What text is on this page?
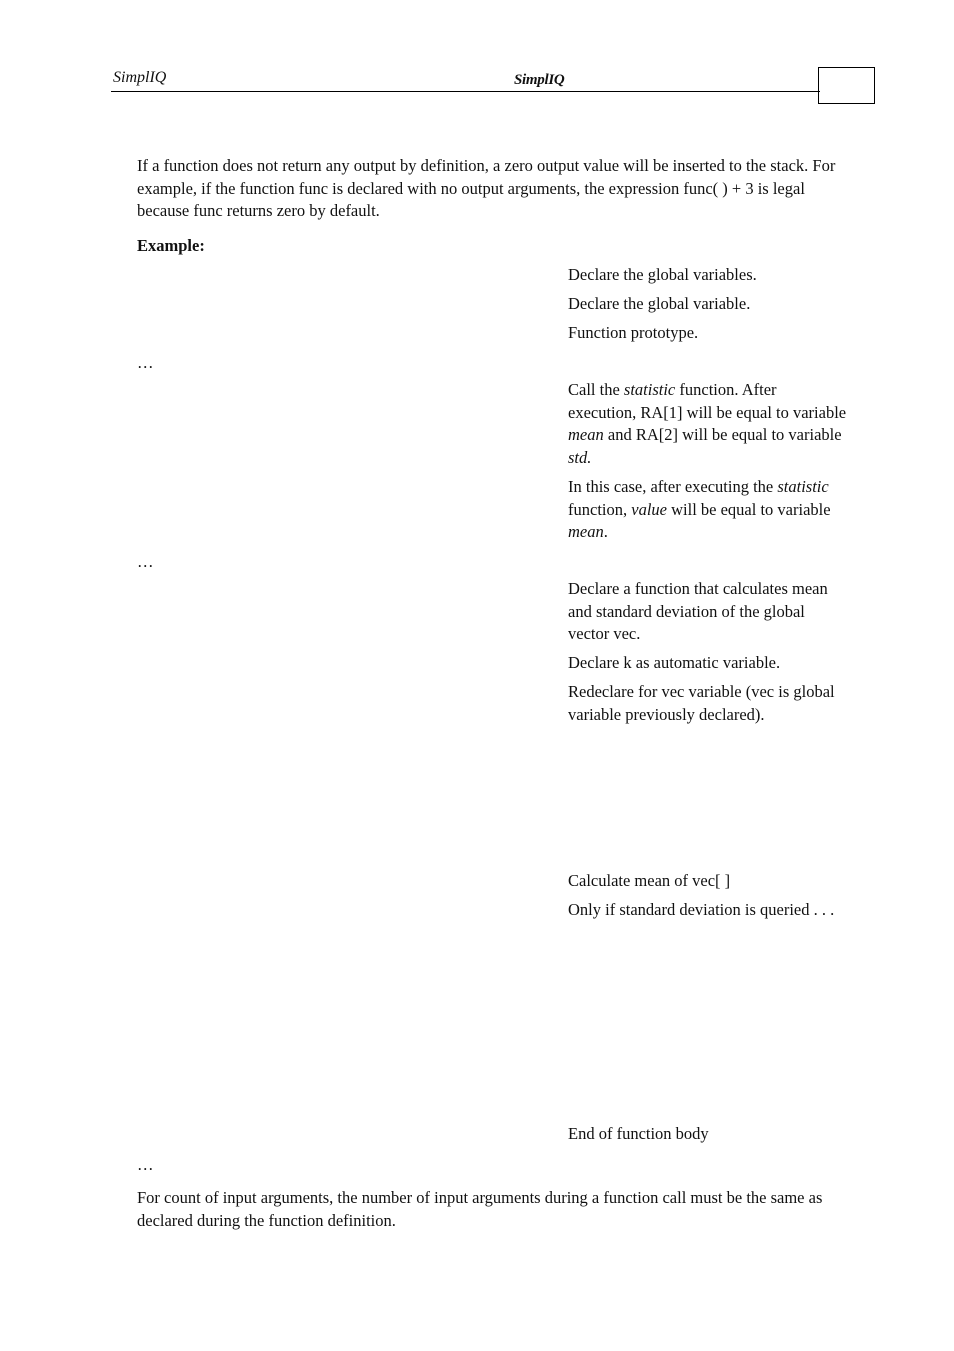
SimplIQ	SimplIQ
If a function does not return any output by definition, a zero output value will be inserted to the stack. For example, if the function func is declared with no output arguments, the expression func( ) + 3 is legal because func returns zero by default.
Example:
Declare the global variables.
Declare the global variable.
Function prototype.
…
Call the statistic function. After execution, RA[1] will be equal to variable mean and RA[2] will be equal to variable std.
In this case, after executing the statistic function, value will be equal to variable mean.
…
Declare a function that calculates mean and standard deviation of the global vector vec.
Declare k as automatic variable.
Redeclare for vec variable (vec is global variable previously declared).
Calculate mean of vec[ ]
Only if standard deviation is queried . . .
End of function body
…
For count of input arguments, the number of input arguments during a function call must be the same as declared during the function definition.
